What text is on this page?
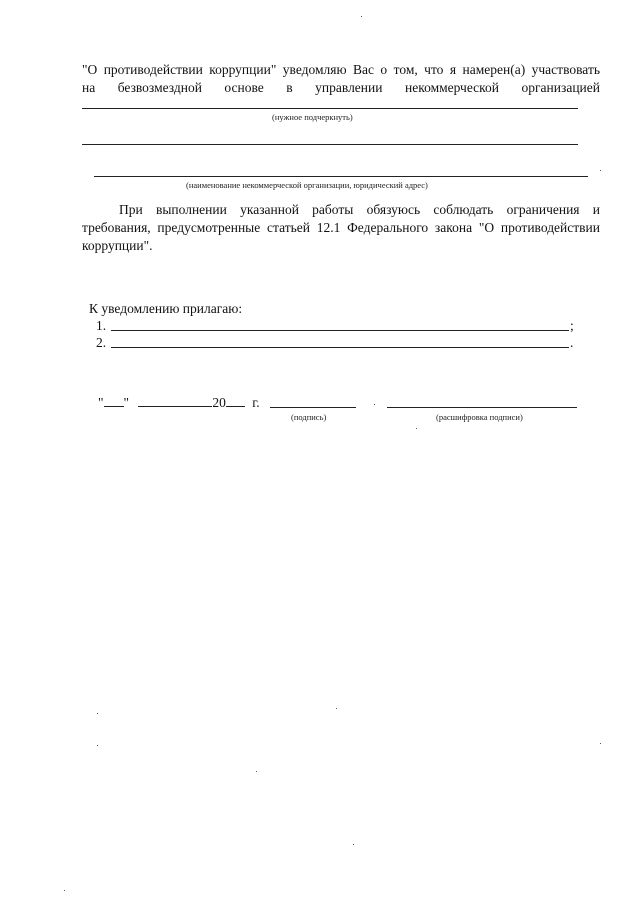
"О противодействии коррупции" уведомляю Вас о том, что я намерен(а) участвовать
на безвозмездной основе в управлении некоммерческой организацией
(нужное подчеркнуть)
(наименование некоммерческой организации, юридический адрес)
При выполнении указанной работы обязуюсь соблюдать ограничения и требования, предусмотренные статьей 12.1 Федерального закона "О противодействии коррупции".
К уведомлению прилагаю:
1.	;
2.	.
" "	20 г.
(подпись)	(расшифровка подписи)
